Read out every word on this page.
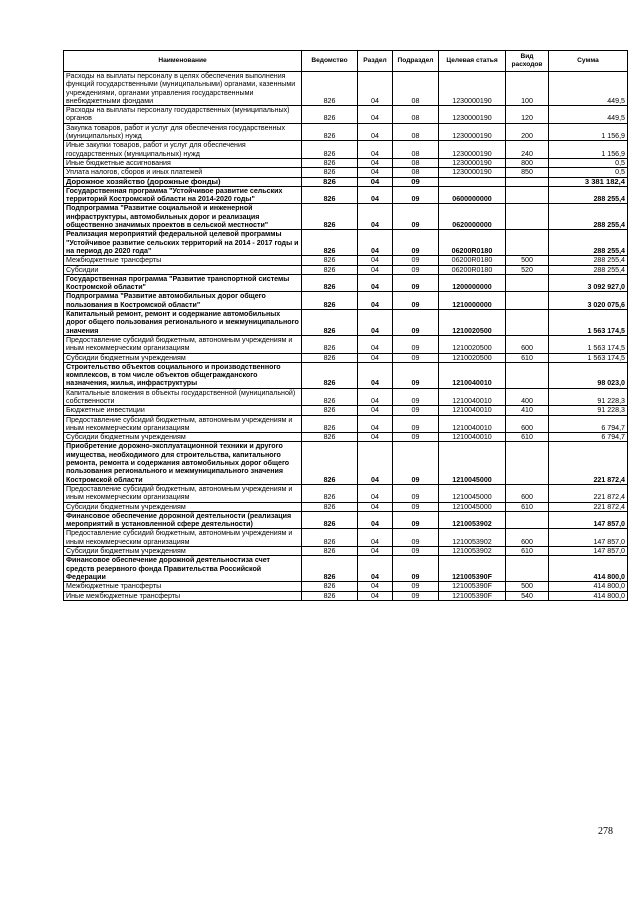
Наименование	Ведомство	Раздел	Подраздел	Целевая статья	Вид расходов	Сумма
Расходы на выплаты персоналу в целях обеспечения выполнения функций государственными (муниципальными) органами, казенными учреждениями, органами управления государственными внебюджетными фондами	826	04	08	1230000190	100	449,5
Расходы на выплаты персоналу государственных (муниципальных) органов	826	04	08	1230000190	120	449,5
Закупка товаров, работ и услуг для обеспечения государственных (муниципальных) нужд	826	04	08	1230000190	200	1 156,9
Иные закупки товаров, работ и услуг для обеспечения государственных (муниципальных) нужд	826	04	08	1230000190	240	1 156,9
Иные бюджетные ассигнования	826	04	08	1230000190	800	0,5
Уплата налогов, сборов и иных платежей	826	04	08	1230000190	850	0,5
Дорожное хозяйство (дорожные фонды)	826	04	09			3 381 182,4
Государственная программа "Устойчивое развитие сельских территорий Костромской области на 2014-2020 годы"	826	04	09	0600000000		288 255,4
Подпрограмма "Развитие социальной и инженерной инфраструктуры, автомобильных дорог и реализация общественно значимых проектов в сельской местности"	826	04	09	0620000000		288 255,4
Реализация мероприятий федеральной целевой программы "Устойчивое развитие сельских территорий на 2014 - 2017 годы и на период до 2020 года"	826	04	09	06200R0180		288 255,4
Межбюджетные трансферты	826	04	09	06200R0180	500	288 255,4
Субсидии	826	04	09	06200R0180	520	288 255,4
Государственная программа "Развитие транспортной системы Костромской области"	826	04	09	1200000000		3 092 927,0
Подпрограмма "Развитие автомобильных дорог общего пользования в Костромской области"	826	04	09	1210000000		3 020 075,6
Капитальный ремонт, ремонт и содержание автомобильных дорог общего пользования регионального и межмуниципального значения	826	04	09	1210020500		1 563 174,5
Предоставление субсидий бюджетным, автономным учреждениям и иным некоммерческим организациям	826	04	09	1210020500	600	1 563 174,5
Субсидии бюджетным учреждениям	826	04	09	1210020500	610	1 563 174,5
Строительство объектов социального и производственного комплексов, в том числе объектов общегражданского назначения, жилья, инфраструктуры	826	04	09	1210040010		98 023,0
Капитальные вложения в объекты государственной (муниципальной) собственности	826	04	09	1210040010	400	91 228,3
Бюджетные инвестиции	826	04	09	1210040010	410	91 228,3
Предоставление субсидий бюджетным, автономным учреждениям и иным некоммерческим организациям	826	04	09	1210040010	600	6 794,7
Субсидии бюджетным учреждениям	826	04	09	1210040010	610	6 794,7
Приобретение дорожно-эксплуатационной техники и другого имущества, необходимого для строительства, капитального ремонта, ремонта и содержания автомобильных дорог общего пользования регионального и межмуниципального значения Костромской области	826	04	09	1210045000		221 872,4
Предоставление субсидий бюджетным, автономным учреждениям и иным некоммерческим организациям	826	04	09	1210045000	600	221 872,4
Субсидии бюджетным учреждениям	826	04	09	1210045000	610	221 872,4
Финансовое обеспечение дорожной деятельности (реализация мероприятий в установленной сфере деятельности)	826	04	09	1210053902		147 857,0
Предоставление субсидий бюджетным, автономным учреждениям и иным некоммерческим организациям	826	04	09	1210053902	600	147 857,0
Субсидии бюджетным учреждениям	826	04	09	1210053902	610	147 857,0
Финансовое обеспечение дорожной деятельностиза счет средств резервного фонда Правительства Российской Федерации	826	04	09	121005390F		414 800,0
Межбюджетные трансферты	826	04	09	121005390F	500	414 800,0
Иные межбюджетные трансферты	826	04	09	121005390F	540	414 800,0
278
